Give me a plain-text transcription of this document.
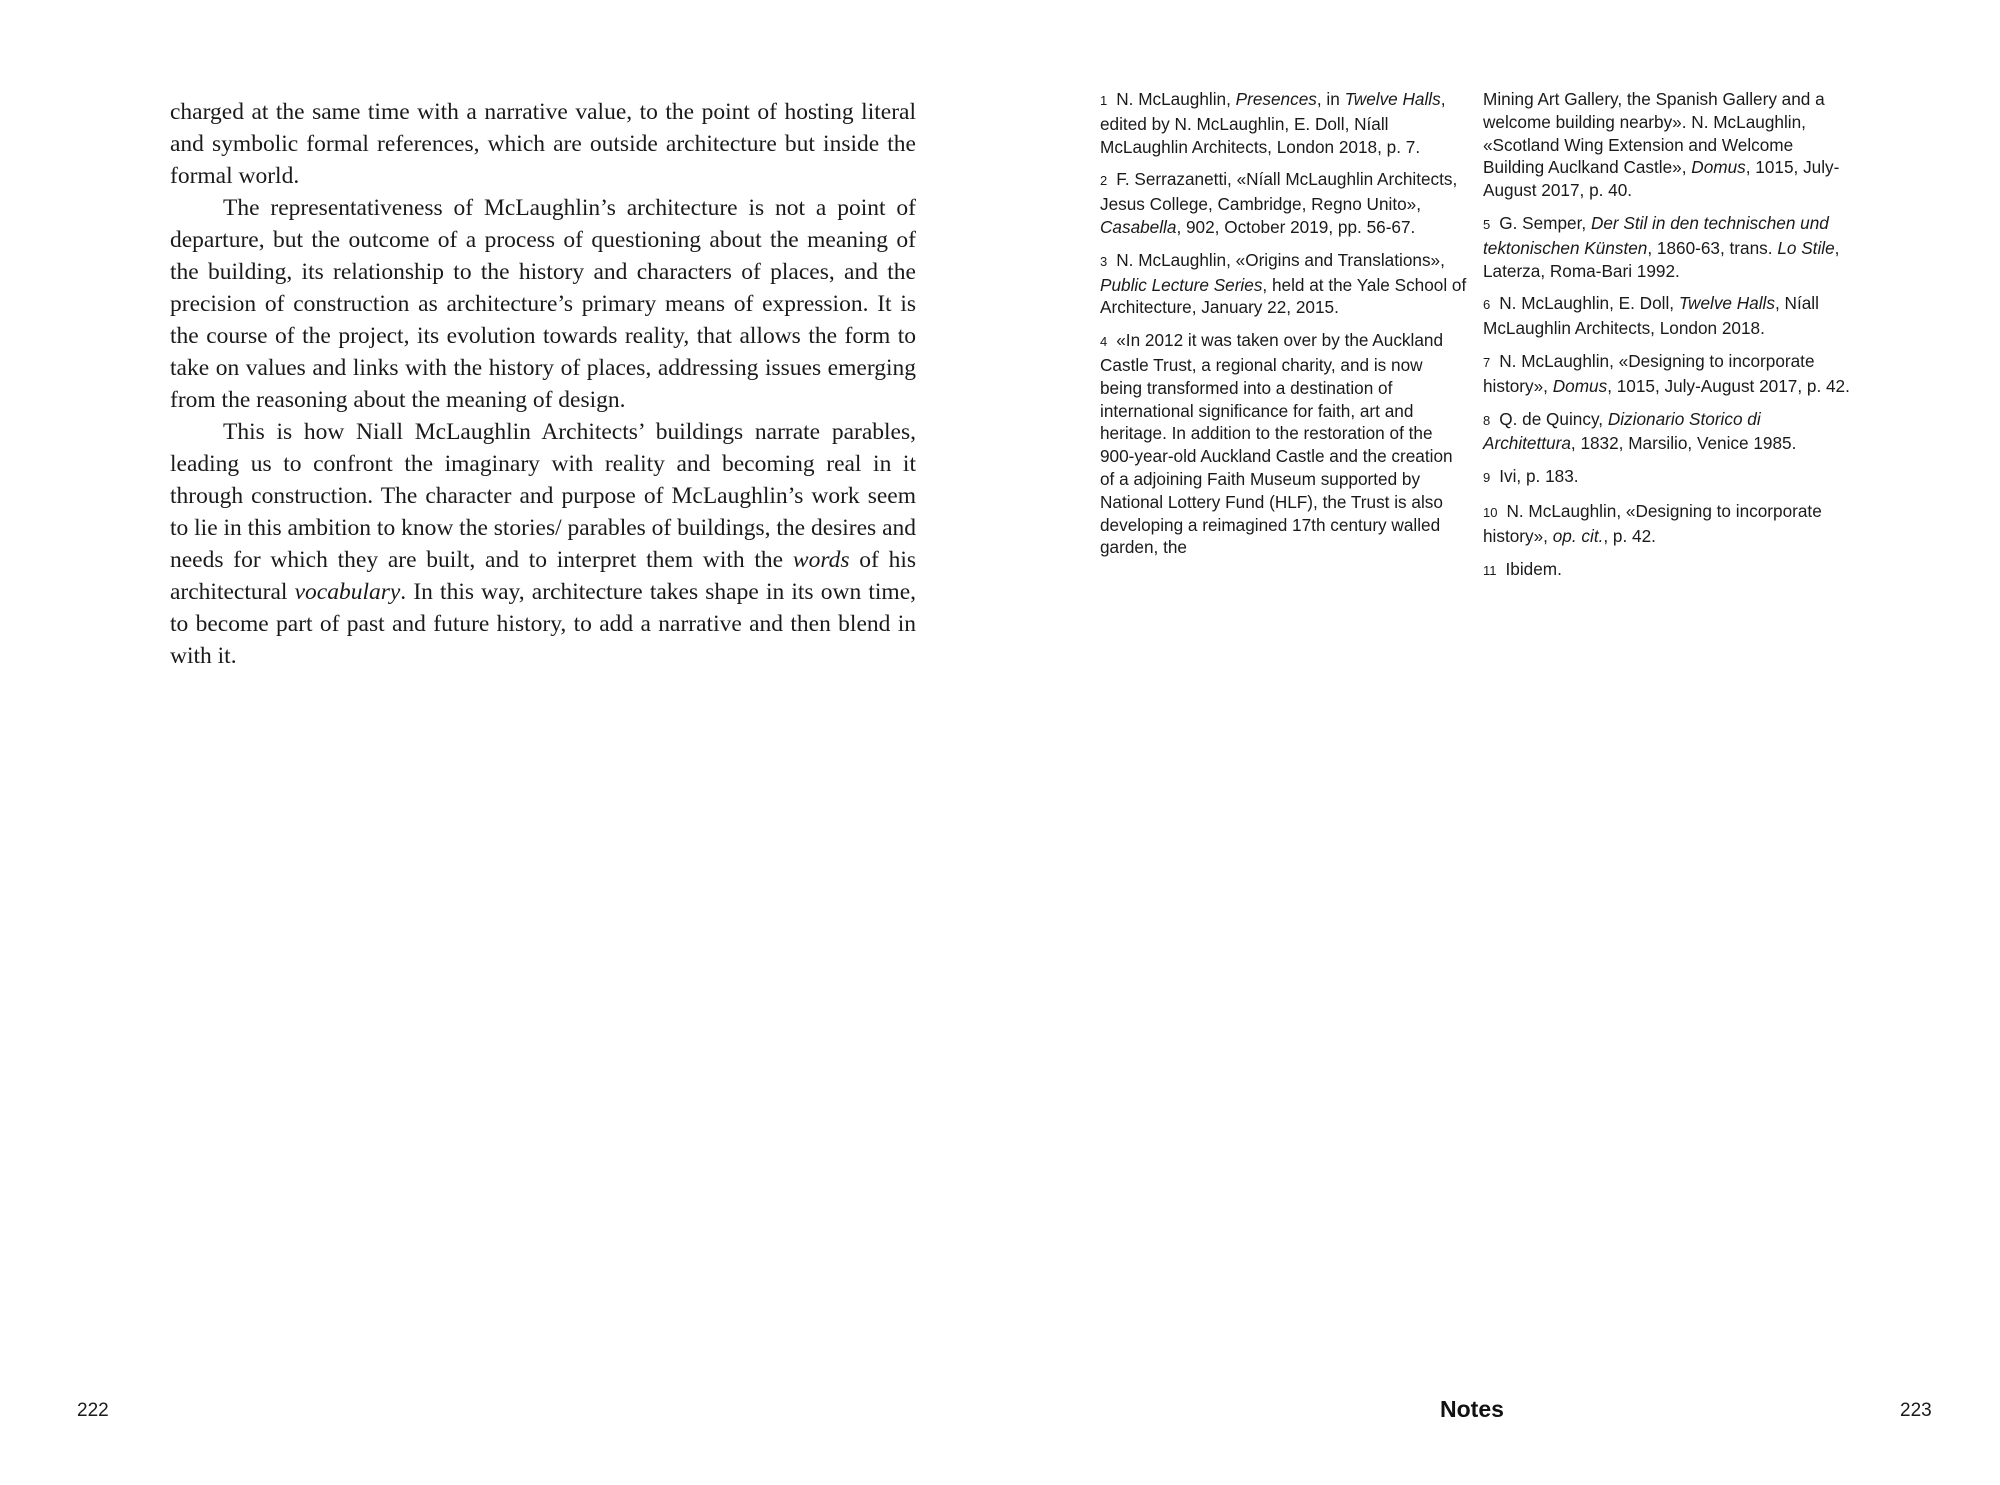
charged at the same time with a narrative value, to the point of hosting literal and symbolic formal references, which are outside architecture but inside the formal world.

The representativeness of McLaughlin’s architecture is not a point of departure, but the outcome of a process of questioning about the meaning of the building, its relationship to the history and characters of places, and the precision of construction as architecture’s primary means of expression. It is the course of the project, its evolution towards reality, that allows the form to take on values and links with the history of places, addressing issues emerging from the reasoning about the meaning of design.

This is how Niall McLaughlin Architects’ buildings narrate parables, leading us to confront the imaginary with reality and becoming real in it through construction. The character and purpose of McLaughlin’s work seem to lie in this ambition to know the stories/ parables of buildings, the desires and needs for which they are built, and to interpret them with the words of his architectural vocabulary. In this way, architecture takes shape in its own time, to become part of past and future history, to add a narrative and then blend in with it.

222
1 N. McLaughlin, Presences, in Twelve Halls, edited by N. McLaughlin, E. Doll, Níall McLaughlin Architects, London 2018, p. 7.
2 F. Serrazanetti, «Níall McLaughlin Architects, Jesus College, Cambridge, Regno Unito», Casabella, 902, October 2019, pp. 56-67.
3 N. McLaughlin, «Origins and Translations», Public Lecture Series, held at the Yale School of Architecture, January 22, 2015.
4 «In 2012 it was taken over by the Auckland Castle Trust, a regional charity, and is now being transformed into a destination of international significance for faith, art and heritage. In addition to the restoration of the 900-year-old Auckland Castle and the creation of a adjoining Faith Museum supported by National Lottery Fund (HLF), the Trust is also developing a reimagined 17th century walled garden, the
Mining Art Gallery, the Spanish Gallery and a welcome building nearby». N. McLaughlin, «Scotland Wing Extension and Welcome Building Auclkand Castle», Domus, 1015, July-August 2017, p. 40.
5 G. Semper, Der Stil in den technischen und tektonischen Künsten, 1860-63, trans. Lo Stile, Laterza, Roma-Bari 1992.
6 N. McLaughlin, E. Doll, Twelve Halls, Níall McLaughlin Architects, London 2018.
7 N. McLaughlin, «Designing to incorporate history», Domus, 1015, July-August 2017, p. 42.
8 Q. de Quincy, Dizionario Storico di Architettura, 1832, Marsilio, Venice 1985.
9 Ivi, p. 183.
10 N. McLaughlin, «Designing to incorporate history», op. cit., p. 42.
11 Ibidem.
Notes	223
